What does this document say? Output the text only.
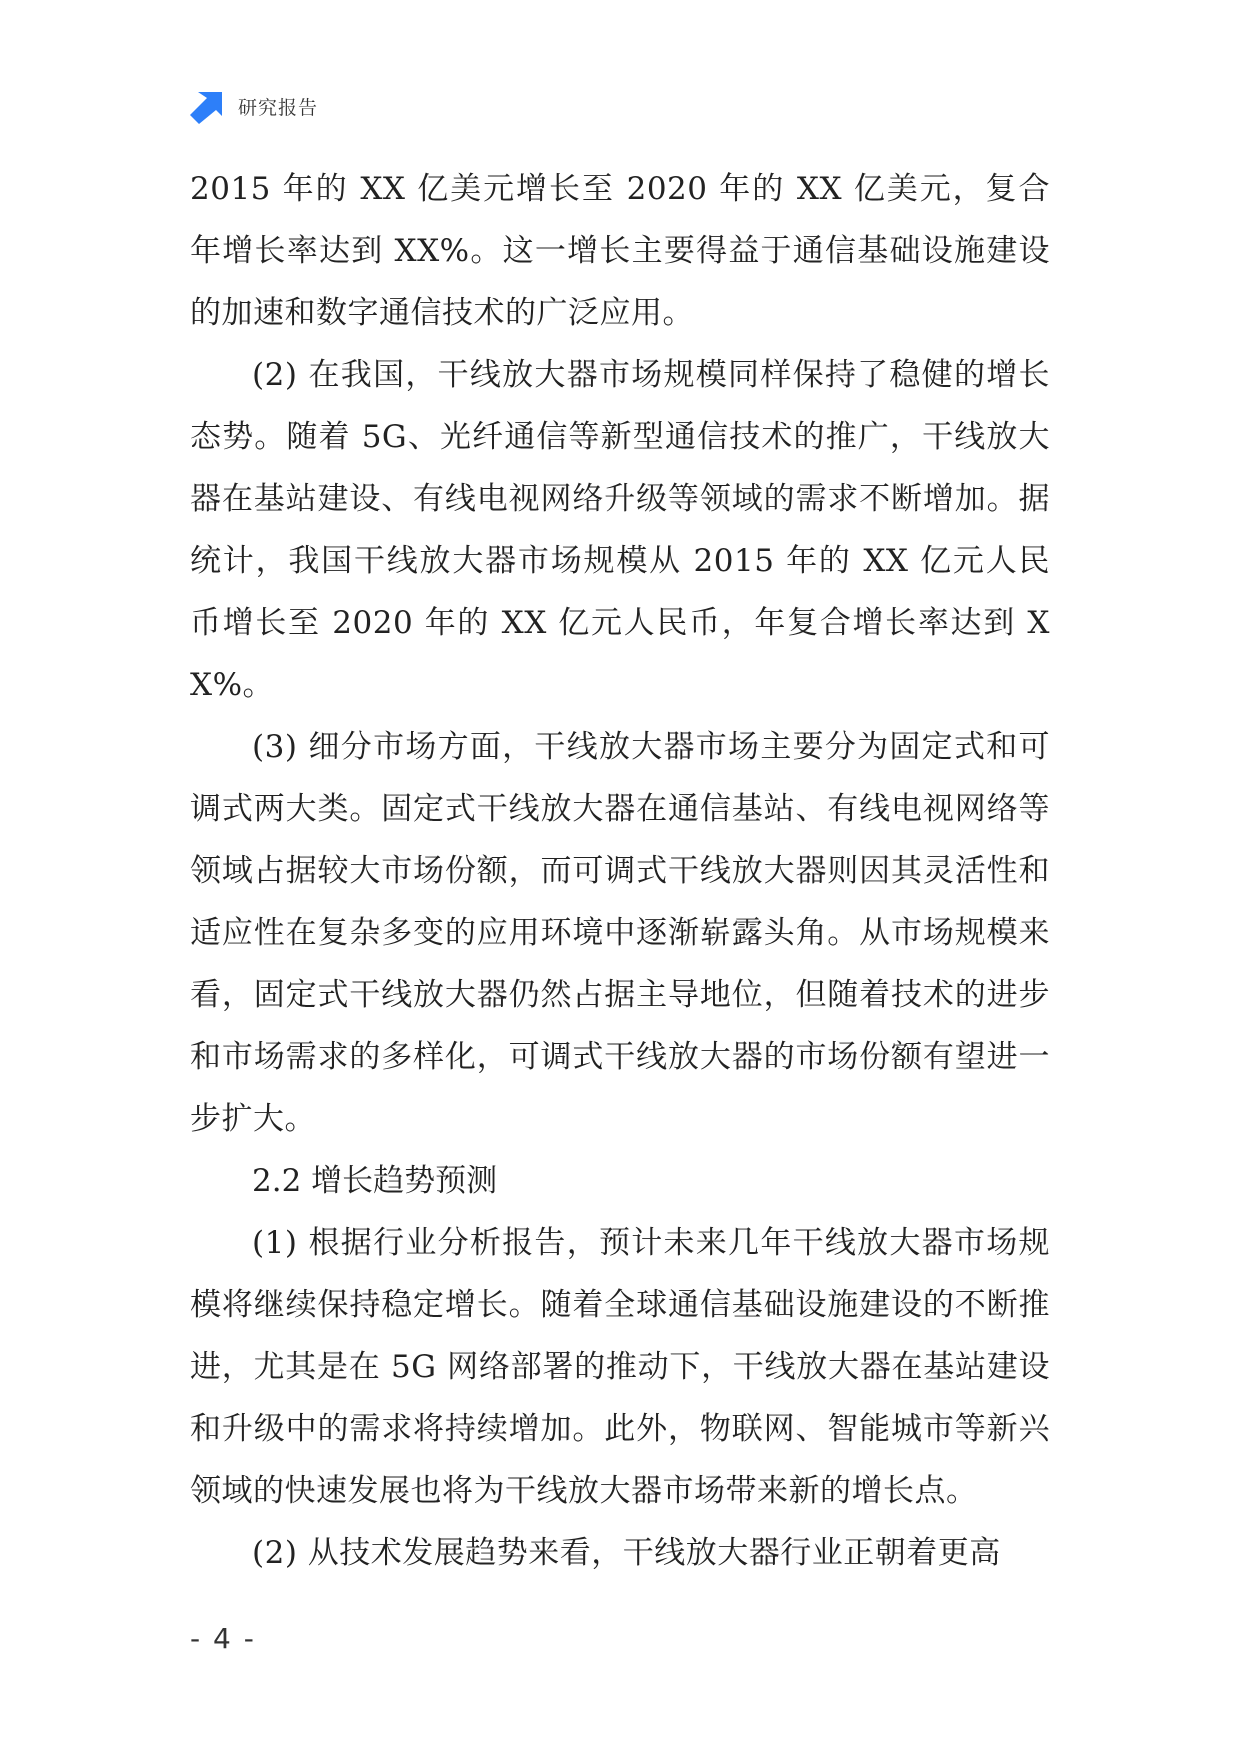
研究报告

2015 年的 XX 亿美元增长至 2020 年的 XX 亿美元，复合年增长率达到 XX%。这一增长主要得益于通信基础设施建设的加速和数字通信技术的广泛应用。

(2) 在我国，干线放大器市场规模同样保持了稳健的增长态势。随着 5G、光纤通信等新型通信技术的推广，干线放大器在基站建设、有线电视网络升级等领域的需求不断增加。据统计，我国干线放大器市场规模从 2015 年的 XX 亿元人民币增长至 2020 年的 XX 亿元人民币，年复合增长率达到 XX%。

(3) 细分市场方面，干线放大器市场主要分为固定式和可调式两大类。固定式干线放大器在通信基站、有线电视网络等领域占据较大市场份额，而可调式干线放大器则因其灵活性和适应性在复杂多变的应用环境中逐渐崭露头角。从市场规模来看，固定式干线放大器仍然占据主导地位，但随着技术的进步和市场需求的多样化，可调式干线放大器的市场份额有望进一步扩大。

2.2 增长趋势预测

(1) 根据行业分析报告，预计未来几年干线放大器市场规模将继续保持稳定增长。随着全球通信基础设施建设的不断推进，尤其是在 5G 网络部署的推动下，干线放大器在基站建设和升级中的需求将持续增加。此外，物联网、智能城市等新兴领域的快速发展也将为干线放大器市场带来新的增长点。

(2) 从技术发展趋势来看，干线放大器行业正朝着更高

- 4 -
